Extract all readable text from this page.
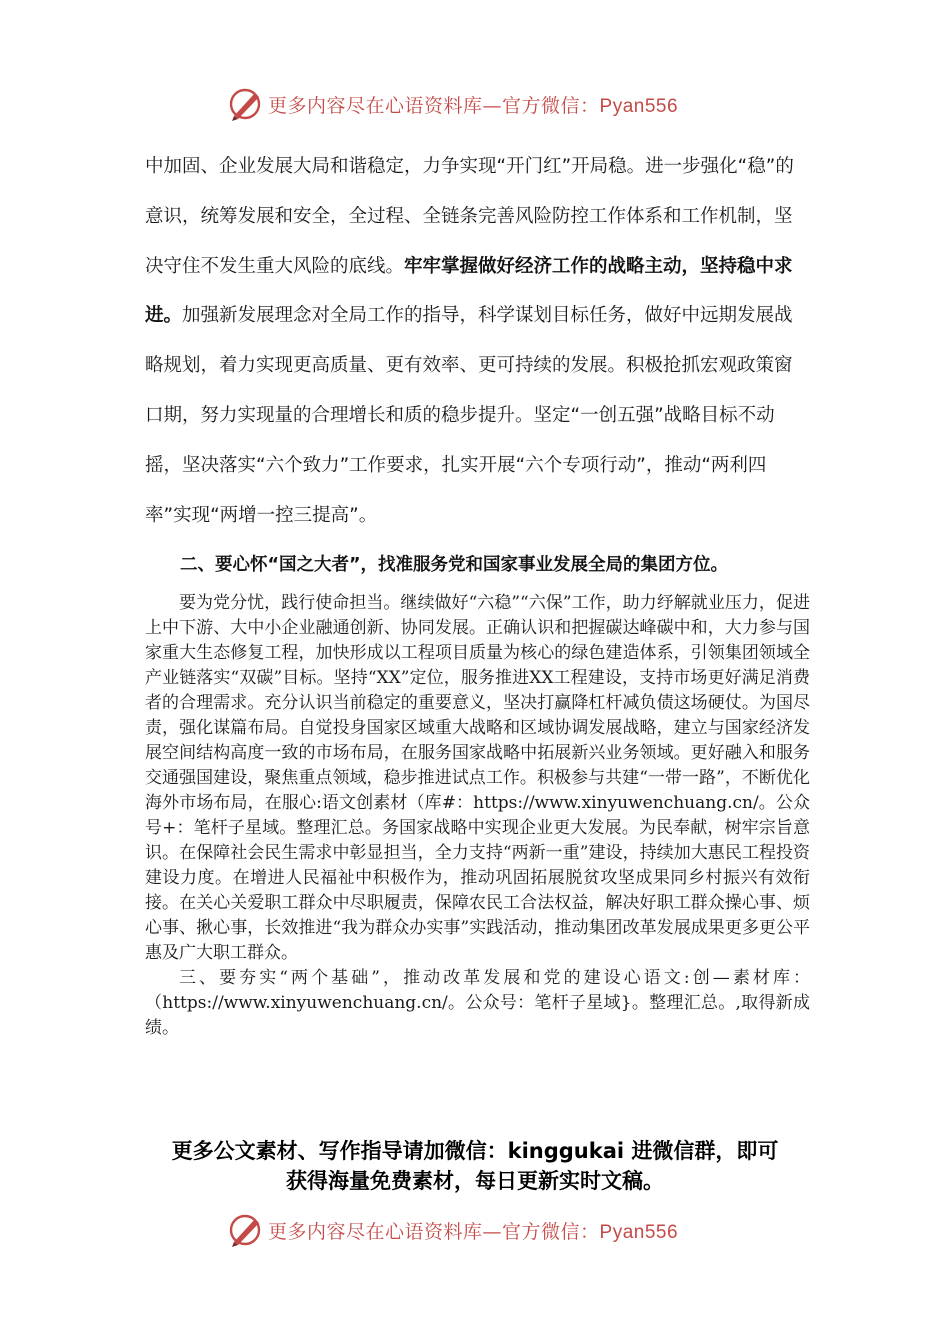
更多内容尽在心语资料库—官方微信：Pyan556

中加固、企业发展大局和谐稳定，力争实现“开门红”开局稳。进一步强化“稳”的意识，统筹发展和安全，全过程、全链条完善风险防控工作体系和工作机制，坚决守住不发生重大风险的底线。牢牢掌握做好经济工作的战略主动，坚持稳中求进。加强新发展理念对全局工作的指导，科学谋划目标任务，做好中远期发展战略规划，着力实现更高质量、更有效率、更可持续的发展。积极抢抓宏观政策窗口期，努力实现量的合理增长和质的稳步提升。坚定“一创五强”战略目标不动摇，坚决落实“六个致力”工作要求，扎实开展“六个专项行动”，推动“两利四率”实现“两增一控三提高”。

二、要心怀“国之大者”，找准服务党和国家事业发展全局的集团方位。

要为党分忧，践行使命担当。继续做好“六稳”“六保”工作，助力纾解就业压力，促进上中下游、大中小企业融通创新、协同发展。正确认识和把握碳达峰碳中和，大力参与国家重大生态修复工程，加快形成以工程项目质量为核心的绿色建造体系，引领集团领域全产业链落实“双碳”目标。坚持“XX”定位，服务推进XX工程建设，支持市场更好满足消费者的合理需求。充分认识当前稳定的重要意义，坚决打赢降杠杆减负债这场硬仗。为国尽责，强化谋篇布局。自觉投身国家区域重大战略和区域协调发展战略，建立与国家经济发展空间结构高度一致的市场布局，在服务国家战略中拓展新兴业务领域。更好融入和服务交通强国建设，聚焦重点领域，稳步推进试点工作。积极参与共建“一带一路”，不断优化海外市场布局，在服心:语文创素材（库#：https://www.xinyuwenchuang.cn/。公众号+：笔杆子星域。整理汇总。务国家战略中实现企业更大发展。为民奉献，树牢宗旨意识。在保障社会民生需求中彰显担当，全力支持“两新一重”建设，持续加大惠民工程投资建设力度。在增进人民福祉中积极作为，推动巩固拓展脱贫攻坚成果同乡村振兴有效衔接。在关心关爱职工群众中尽职履责，保障农民工合法权益，解决好职工群众操心事、烦心事、揪心事，长效推进“我为群众办实事”实践活动，推动集团改革发展成果更多更公平惠及广大职工群众。

三、要夯实“两个基础”，推动改革发展和党的建设心语文:创—素材库：（https://www.xinyuwenchuang.cn/。公众号：笔杆子星域}。整理汇总。,取得新成绩。

更多公文素材、写作指导请加微信：kinggukai 进微信群，即可
获得海量免费素材，每日更新实时文稿。
更多内容尽在心语资料库—官方微信：Pyan556
